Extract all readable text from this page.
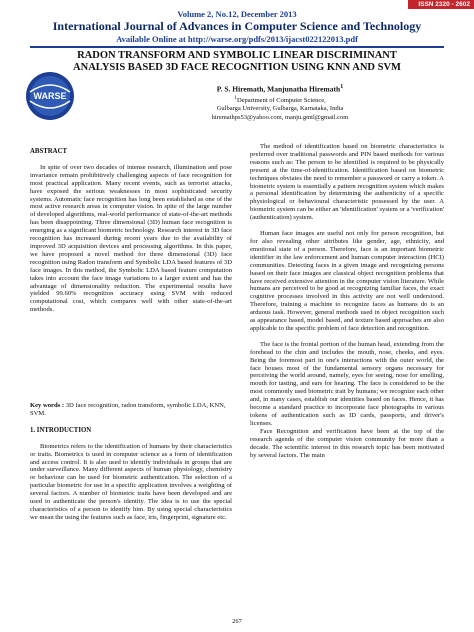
ISSN 2320 - 2602
Volume 2, No.12, December 2013
International Journal of Advances in Computer Science and Technology
Available Online at http://warse.org/pdfs/2013/ijacst022122013.pdf
RADON TRANSFORM AND SYMBOLIC LINEAR DISCRIMINANT
ANALYSIS BASED 3D FACE RECOGNITION USING KNN AND SVM
WARSE
P. S. Hiremath, Manjunatha Hiremath$^1$
$^1$Department of Computer Science,
Gulbarga University, Gulbarga, Karnataka, India
hiremathps53@yahoo.com, manju.gmtl@gmail.com

ABSTRACT

In spite of over two decades of intense research, illumination and pose invariance remain prohibitively challenging aspects of face recognition for most practical application. Many recent events, such as terrorist attacks, have exposed the serious weaknesses in most sophisticated security systems. Automatic face recognition has long been established as one of the most active research areas in computer vision. In spite of the large number of developed algorithms, real-world performance of state-of-the-art methods has been disappointing. Three dimensional (3D) human face recognition is emerging as a significant biometric technology. Research interest in 3D face recognition has increased during recent years due to the availability of improved 3D acquisition devices and processing algorithms. In this paper, we have proposed a novel method for three dimensional (3D) face recognition using Radon transform and Symbolic LDA based features of 3D face images. In this method, the Symbolic LDA based feature computation takes into account the face image variations to a larger extent and has the advantage of dimensionality reduction. The experimental results have yielded 99.60% recognition accuracy using SVM with reduced computational cost, which compares well with other state-of-the-art methods.

Key words : 3D face recognition, radon transform, symbolic LDA, KNN, SVM.

1. INTRODUCTION

Biometrics refers to the identification of humans by their characteristics or traits. Biometrics is used in computer science as a form of identification and access control. It is also used to identify individuals in groups that are under surveillance. Many different aspects of human physiology, chemistry or behaviour can be used for biometric authentication. The selection of a particular biometric for use in a specific application involves a weighting of several factors. A number of biometric traits have been developed and are used to authenticate the person's identity. The idea is to use the special characteristics of a person to identify him. By using special characteristics we mean the using the features such as face, iris, fingerprint, signature etc.

The method of identification based on biometric characteristics is preferred over traditional passwords and PIN based methods for various reasons such as: The person to be identified is required to be physically present at the time-of-identification. Identification based on biometric techniques obviates the need to remember a password or carry a token. A biometric system is essentially a pattern recognition system which makes a personal identification by determining the authenticity of a specific physiological or behavioural characteristic possessed by the user. A biometric system can be either an 'identification' system or a 'verification' (authentication) system.

Human face images are useful not only for person recognition, but for also revealing other attributes like gender, age, ethnicity, and emotional state of a person. Therefore, face is an important biometric identifier in the law enforcement and human computer interaction (HCI) communities. Detecting faces in a given image and recognizing persons based on their face images are classical object recognition problems that have received extensive attention in the computer vision literature. While humans are perceived to be good at recognizing familiar faces, the exact cognitive processes involved in this activity are not well understood. Therefore, training a machine to recognize faces as humans do is an arduous task. However, general methods used in object recognition such as appearance based, model based, and texture based approaches are also applicable to the specific problem of face detection and recognition.

The face is the frontal portion of the human head, extending from the forehead to the chin and includes the mouth, nose, cheeks, and eyes. Being the foremost part in one's interactions with the outer world, the face houses most of the fundamental sensory organs necessary for perceiving the world around, namely, eyes for seeing, nose for smelling, mouth for tasting, and ears for hearing. The face is considered to be the most commonly used biometric trait by humans; we recognize each other and, in many cases, establish our identities based on faces. Hence, it has become a standard practice to incorporate face photographs in various tokens of authentication such as ID cards, passports, and driver's licenses.

Face Recognition and verification have been at the top of the research agenda of the computer vision community for more than a decade. The scientific interest in this research topic has been motivated by several factors. The main

267
